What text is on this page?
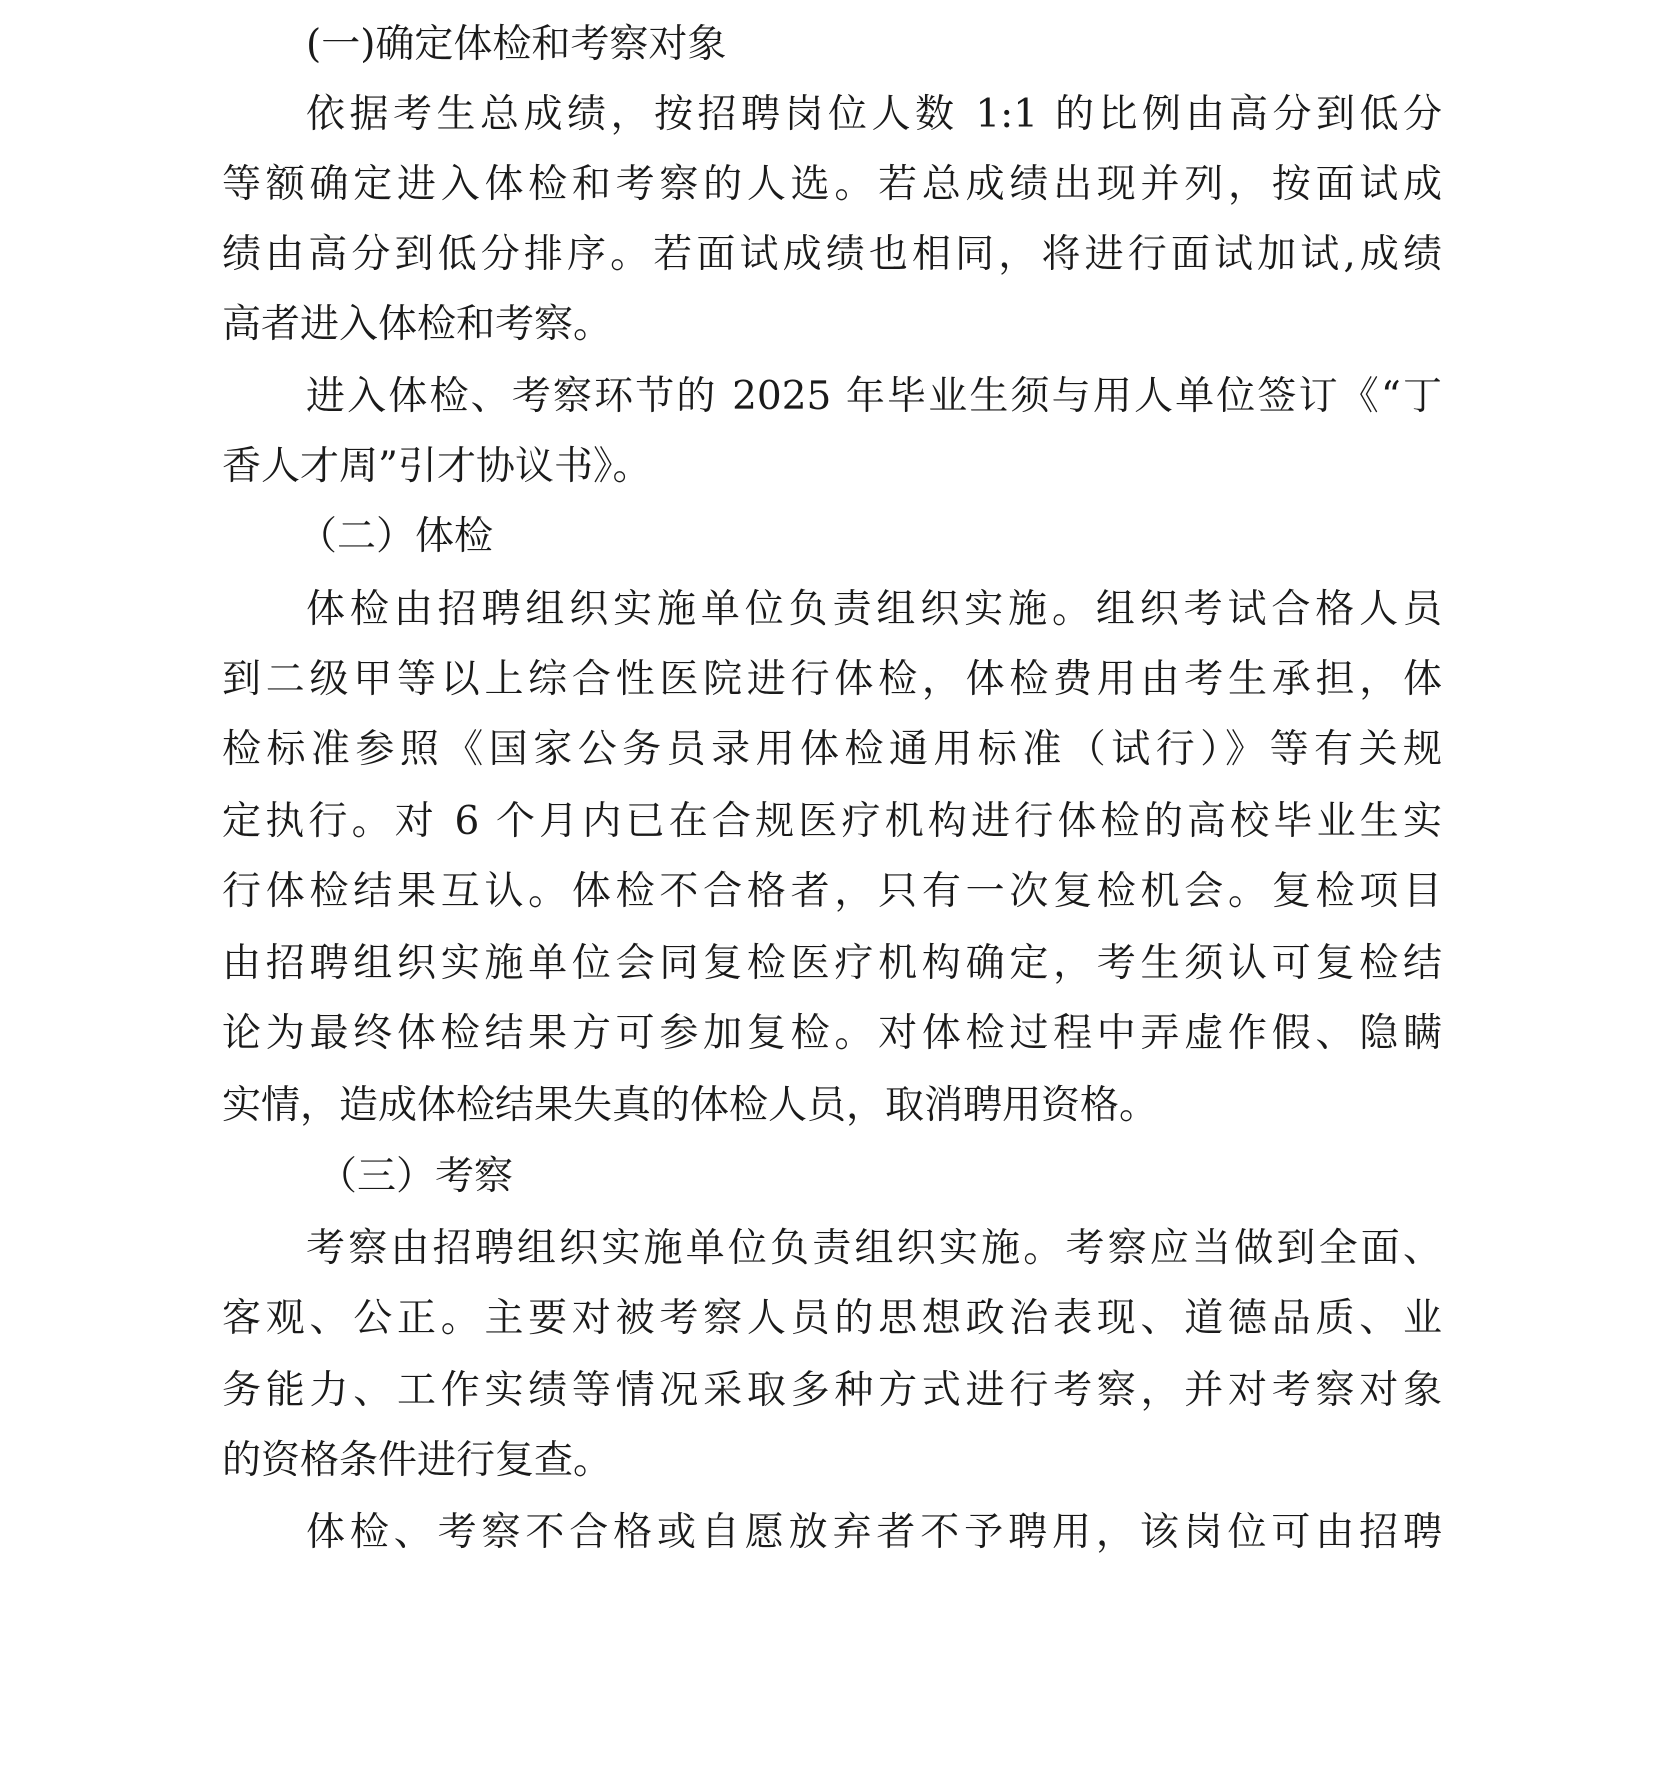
(一)确定体检和考察对象
依据考生总成绩，按招聘岗位人数 1:1 的比例由高分到低分
等额确定进入体检和考察的人选。若总成绩出现并列，按面试成
绩由高分到低分排序。若面试成绩也相同，将进行面试加试,成绩
高者进入体检和考察。
进入体检、考察环节的 2025 年毕业生须与用人单位签订《“丁
香人才周”引才协议书》。
（二）体检
体检由招聘组织实施单位负责组织实施。组织考试合格人员
到二级甲等以上综合性医院进行体检，体检费用由考生承担，体
检标准参照《国家公务员录用体检通用标准（试行）》等有关规
定执行。对 6 个月内已在合规医疗机构进行体检的高校毕业生实
行体检结果互认。体检不合格者，只有一次复检机会。复检项目
由招聘组织实施单位会同复检医疗机构确定，考生须认可复检结
论为最终体检结果方可参加复检。对体检过程中弄虚作假、隐瞒
实情，造成体检结果失真的体检人员，取消聘用资格。
（三）考察
考察由招聘组织实施单位负责组织实施。考察应当做到全面、
客观、公正。主要对被考察人员的思想政治表现、道德品质、业
务能力、工作实绩等情况采取多种方式进行考察，并对考察对象
的资格条件进行复查。
体检、考察不合格或自愿放弃者不予聘用，该岗位可由招聘
